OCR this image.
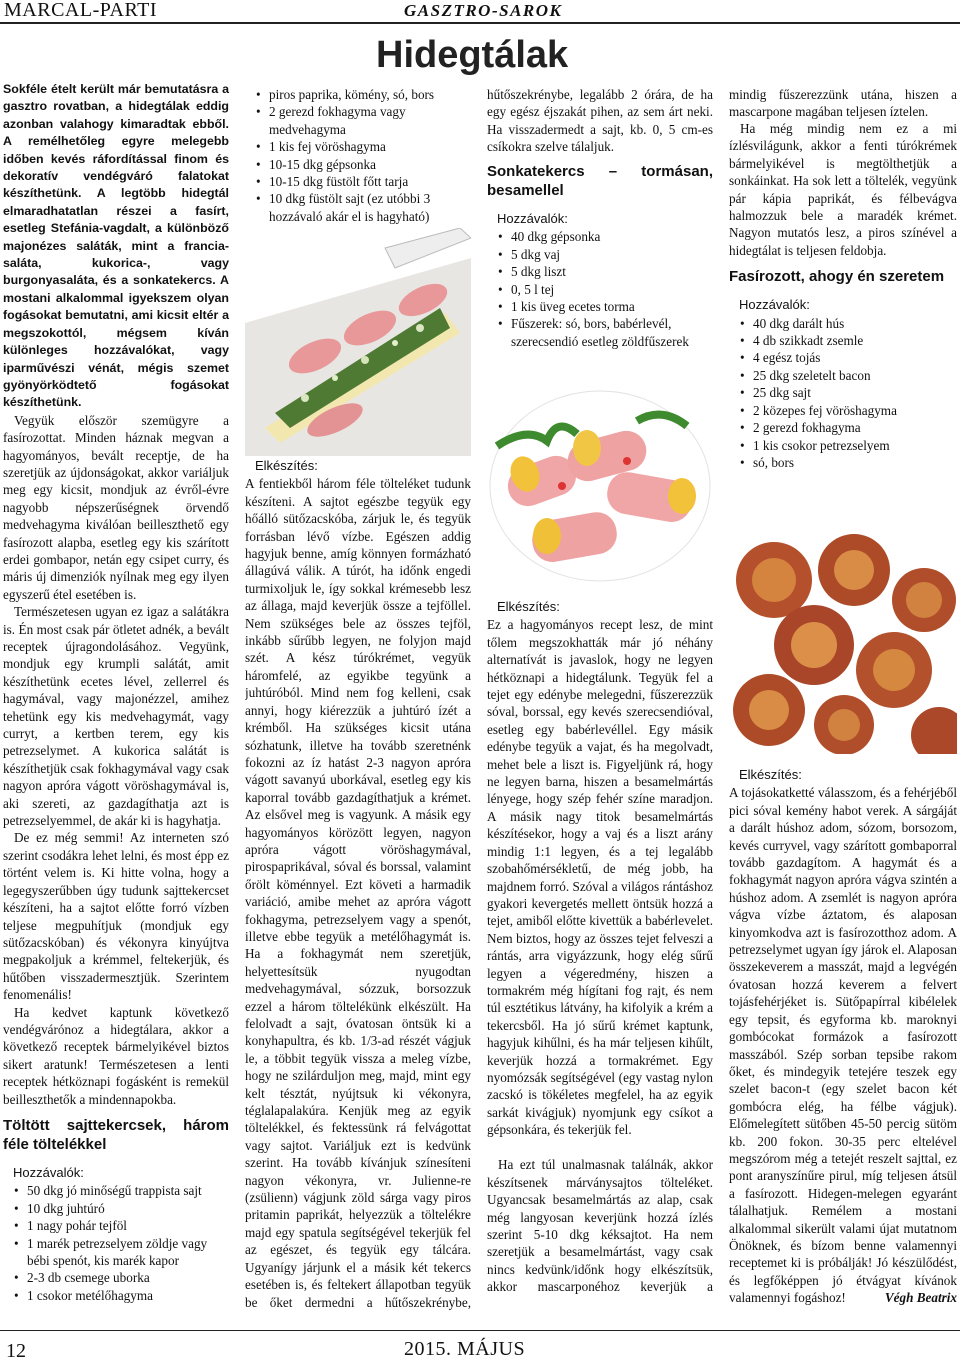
MARCAL-PARTI	GASZTRO-SAROK
Hidegtálak

Sokféle ételt került már bemutatásra a gasztro rovatban, a hidegtálak eddig azonban valahogy kimaradtak ebből. A remélhetőleg egyre melegebb időben kevés ráfordítással finom és dekoratív vendégváró falatokat készíthetünk. A legtöbb hidegtál elmaradhatatlan részei a fasírt, esetleg Stefánia-vagdalt, a különböző majonézes saláták, mint a francia-saláta, kukorica-, vagy burgonyasaláta, és a sonkatekercs. A mostani alkalommal igyekszem olyan fogásokat bemutatni, ami kicsit eltér a megszokottól, mégsem kíván különleges hozzávalókat, vagy iparművészi vénát, mégis szemet gyönyörködtető fogásokat készíthetünk.

Vegyük először szemügyre a fasírozottat. Minden háznak megvan a hagyományos, bevált receptje, de ha szeretjük az újdonságokat, akkor variáljuk meg egy kicsit, mondjuk az évről-évre nagyobb népszerűségnek örvendő medvehagyma kiválóan beilleszthető egy fasírozott alapba, esetleg egy kis szárított erdei gombapor, netán egy csipet curry, és máris új dimenziók nyílnak meg egy ilyen egyszerű étel esetében is.

Természetesen ugyan ez igaz a salátákra is. Én most csak pár ötletet adnék, a bevált receptek újragondolásához. Vegyünk, mondjuk egy krumpli salátát, amit készíthetünk ecetes lével, zellerrel és hagymával, vagy majonézzel, amihez tehetünk egy kis medvehagymát, vagy curryt, a kertben terem, egy kis petrezselymet. A kukorica salátát is készíthetjük csak fokhagymával vagy csak nagyon apróra vágott vöröshagymával is, aki szereti, az gazdagíthatja azt is petrezselyemmel, de akár ki is hagyhatja.

De ez még semmi! Az interneten szó szerint csodákra lehet lelni, és most épp ez történt velem is. Ki hitte volna, hogy a legegyszerűbben úgy tudunk sajttekercset készíteni, ha a sajtot előtte forró vízben teljese megpuhítjuk (mondjuk egy sütőzacskóban) és vékonyra kinyújtva megpakoljuk a krémmel, feltekerjük, és hűtőben visszadermesztjük. Szerintem fenomenális!

Ha kedvet kaptunk következő vendégvárónoz a hidegtálara, akkor a következő receptek bármelyikével biztos sikert aratunk! Természetesen a lenti receptek hétköznapi fogásként is remekül beilleszthetők a mindennapokba.

Töltött sajttekercsek, három féle töltelékkel
Hozzávalók:
• 50 dkg jó minőségű trappista sajt
• 10 dkg juhtúró
• 1 nagy pohár tejföl
• 1 marék petrezselyem zöldje vagy bébi spenót, kis marék kapor
• 2-3 db csemege uborka
• 1 csokor metélőhagyma
• piros paprika, kömény, só, bors
• 2 gerezd fokhagyma vagy medvehagyma
• 1 kis fej vöröshagyma
• 10-15 dkg gépsonka
• 10-15 dkg füstölt főtt tarja
• 10 dkg füstölt sajt (ez utóbbi 3 hozzávaló akár el is hagyható)
Elkészítés:

A fentiekből három féle tölteléket tudunk készíteni. A sajtot egészbe tegyük egy hőálló sütőzacskóba, zárjuk le, és tegyük forrásban lévő vízbe. Egészen addig hagyjuk benne, amíg könnyen formázható állagúvá válik. A túrót, ha időnk engedi turmixoljuk le, így sokkal krémesebb lesz az állaga, majd keverjük össze a tejföllel. Nem szükséges bele az összes tejföl, inkább sűrűbb legyen, ne folyjon majd szét. A kész túrókrémet, vegyük háromfelé, az egyikbe tegyünk a juhtúróból. Mind nem fog kelleni, csak annyi, hogy kiérezzük a juhtúró ízét a krémből. Ha szükséges kicsit utána sózhatunk, illetve ha tovább szeretnénk fokozni az íz hatást 2-3 nagyon apróra vágott savanyú uborkával, esetleg egy kis kaporral tovább gazdagíthatjuk a krémet. Az elsővel meg is vagyunk. A másik egy hagyományos körözött legyen, nagyon apróra vágott vöröshagymával, pirospaprikával, sóval és borssal, valamint őrölt köménnyel. Ezt követi a harmadik variáció, amibe mehet az apróra vágott fokhagyma, petrezselyem vagy a spenót, illetve ebbe tegyük a metélőhagymát is. Ha a fokhagymát nem szeretjük, helyettesítsük nyugodtan medvehagymával, sózzuk, borsozzuk ezzel a három töltelékünk elkészült. Ha felolvadt a sajt, óvatosan öntsük ki a konyhapultra, és kb. 1/3-ad részét vágjuk le, a többit tegyük vissza a meleg vízbe, hogy ne szilárduljon meg, majd, mint egy kelt tésztát, nyújtsuk ki vékonyra, téglalapalakúra. Kenjük meg az egyik töltelékkel, és fektessünk rá felvágottat vagy sajtot. Variáljuk ezt is kedvünk szerint. Ha tovább kívánjuk színesíteni nagyon vékonyra, vr. Julienne-re (zsülienn) vágjunk zöld sárga vagy piros pritamin paprikát, helyezzük a töltelékre majd egy spatula segítségével tekerjük fel az egészet, és tegyük egy tálcára. Ugyanígy járjunk el a másik két tekercs esetében is, és feltekert állapotban tegyük be őket dermedni a hűtőszekrénybe,

hűtőszekrénybe, legalább 2 órára, de ha egy egész éjszakát pihen, az sem árt neki. Ha visszadermedt a sajt, kb. 0, 5 cm-es csíkokra szelve tálaljuk.

Sonkatekercs – tormásan, besamellel
Hozzávalók:
• 40 dkg gépsonka
• 5 dkg vaj
• 5 dkg liszt
• 0, 5 l tej
• 1 kis üveg ecetes torma
• Fűszerek: só, bors, babérlevél, szerecsendió esetleg zöldfűszerek
Elkészítés:

Ez a hagyományos recept lesz, de mint tőlem megszokhatták már jó néhány alternatívát is javaslok, hogy ne legyen hétköznapi a hidegtálunk. Tegyük fel a tejet egy edénybe melegedni, fűszerezzük sóval, borssal, egy kevés szerecsendióval, esetleg egy babérlevéllel. Egy másik edénybe tegyük a vajat, és ha megolvadt, mehet bele a liszt is. Figyeljünk rá, hogy ne legyen barna, hiszen a besamelmártás lényege, hogy szép fehér színe maradjon. A másik nagy titok besamelmártás készítésekor, hogy a vaj és a liszt arány mindig 1:1 legyen, és a tej legalább szobahőmérsékletű, de még jobb, ha majdnem forró. Szóval a világos rántáshoz gyakori kevergetés mellett öntsük hozzá a tejet, amiből előtte kivettük a babérlevelet. Nem biztos, hogy az összes tejet felveszi a rántás, arra vigyázzunk, hogy elég sűrű legyen a végeredmény, hiszen a tormakrém még hígítani fog rajt, és nem túl esztétikus látvány, ha kifolyik a krém a tekercsből. Ha jó sűrű krémet kaptunk, hagyjuk kihűlni, és ha már teljesen kihűlt, keverjük hozzá a tormakrémet. Egy nyomózsák segítségével (egy vastag nylon zacskó is tökéletes megfelel, ha az egyik sarkát kivágjuk) nyomjunk egy csíkot a gépsonkára, és tekerjük fel.

Ha ezt túl unalmasnak találnák, akkor készítsenek márványsajtos tölteléket. Ugyancsak besamelmártás az alap, csak még langyosan keverjünk hozzá ízlés szerint 5-10 dkg kéksajtot. Ha nem szeretjük a besamelmártást, vagy csak nincs kedvünk/időnk hogy elkészítsük, akkor mascarponéhoz keverjük a

mindig fűszerezzünk utána, hiszen a mascarpone magában teljesen íztelen.

Ha még mindig nem ez a mi ízlésvilágunk, akkor a fenti túrókrémek bármelyikével is megtölthetjük a sonkáinkat. Ha sok lett a töltelék, vegyünk pár kápia paprikát, és félbevágva halmozzuk bele a maradék krémet. Nagyon mutatós lesz, a piros színével a hidegtálat is teljesen feldobja.

Fasírozott, ahogy én szeretem
Hozzávalók:
• 40 dkg darált hús
• 4 db szikkadt zsemle
• 4 egész tojás
• 25 dkg szeletelt bacon
• 25 dkg sajt
• 2 közepes fej vöröshagyma
• 2 gerezd fokhagyma
• 1 kis csokor petrezselyem
• só, bors
Elkészítés:

A tojásokatketté válasszom, és a fehérjéből pici sóval kemény habot verek. A sárgáját a darált húshoz adom, sózom, borsozom, kevés curryvel, vagy szárított gombaporral tovább gazdagítom. A hagymát és a fokhagymát nagyon apróra vágva szintén a húshoz adom. A zsemlét is nagyon apróra vágva vízbe áztatom, és alaposan kinyomkodva azt is fasírozotthoz adom. A petrezselymet ugyan így járok el. Alaposan összekeverem a masszát, majd a legvégén óvatosan hozzá keverem a felvert tojásfehérjéket is. Sütőpapírral kibélelek egy tepsit, és egyforma kb. maroknyi gombócokat formázok a fasírozott masszából. Szép sorban tepsibe rakom őket, és mindegyik tetejére teszek egy szelet bacon-t (egy szelet bacon két gombócra elég, ha félbe vágjuk). Előmelegített sütőben 45-50 percig sütöm kb. 200 fokon. 30-35 perc eltelével megszórom még a tetejét reszelt sajttal, ez pont aranyszínűre pirul, míg teljesen átsül a fasírozott. Hidegen-melegen egyaránt tálalhatjuk. Remélem a mostani alkalommal sikerült valami újat mutatnom Önöknek, és bízom benne valamennyi receptemet ki is próbálják! Jó készülődést, és legfőképpen jó étvágyat kívánok valamennyi fogáshoz!	Végh Beatrix

12	2015. MÁJUS
